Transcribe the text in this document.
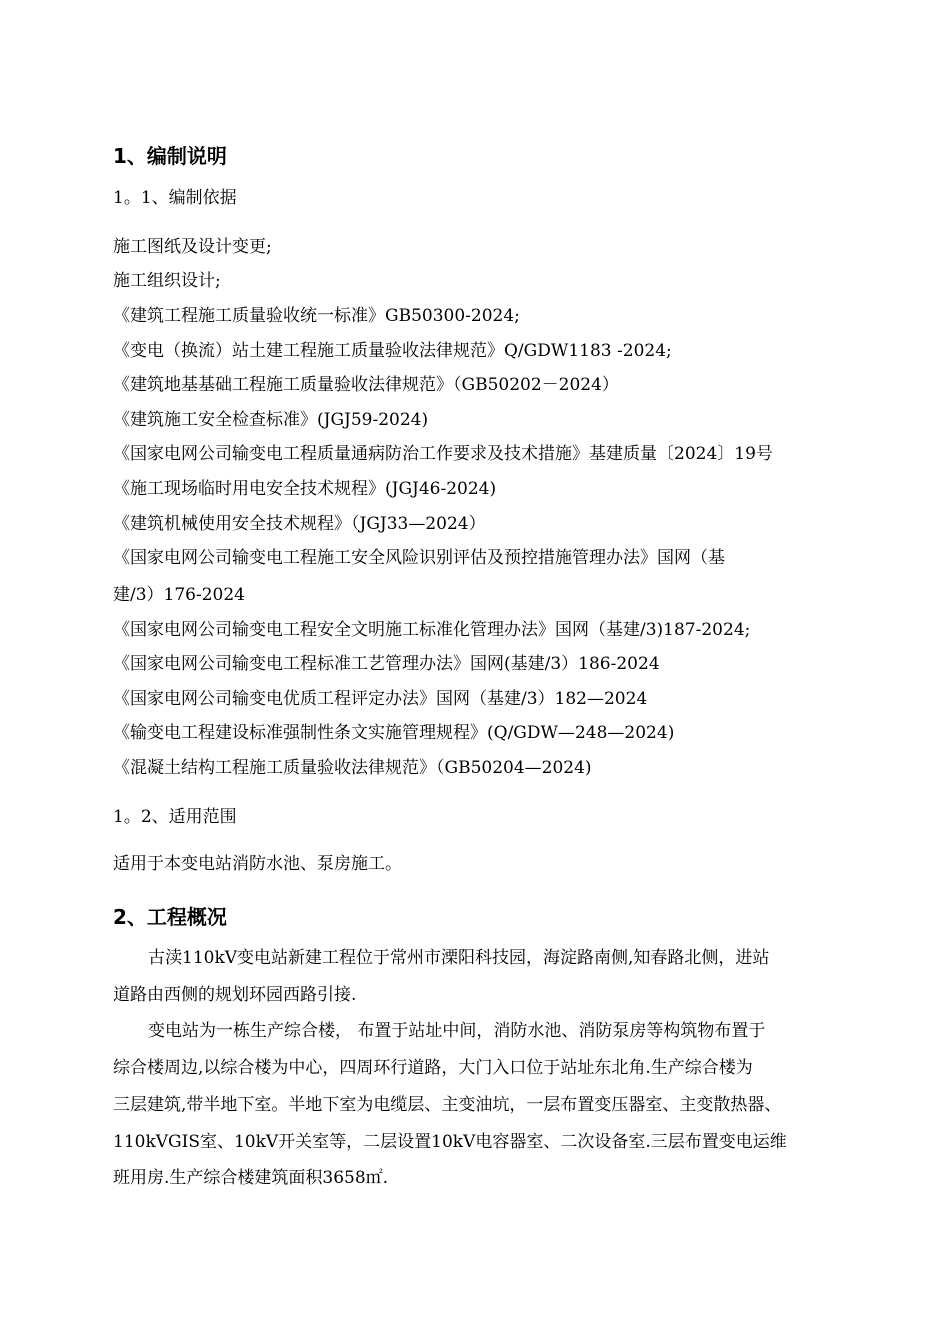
1、编制说明
1。1、编制依据
施工图纸及设计变更;
施工组织设计;
《建筑工程施工质量验收统一标准》GB50300-2024;
《变电（换流）站土建工程施工质量验收法律规范》Q/GDW1183 -2024;
《建筑地基基础工程施工质量验收法律规范》（GB50202－2024）
《建筑施工安全检查标准》(JGJ59-2024)
《国家电网公司输变电工程质量通病防治工作要求及技术措施》基建质量〔2024〕19号
《施工现场临时用电安全技术规程》(JGJ46-2024)
《建筑机械使用安全技术规程》（JGJ33—2024）
《国家电网公司输变电工程施工安全风险识别评估及预控措施管理办法》国网（基
建/3）176-2024
《国家电网公司输变电工程安全文明施工标准化管理办法》国网（基建/3)187-2024;
《国家电网公司输变电工程标准工艺管理办法》国网(基建/3）186-2024
《国家电网公司输变电优质工程评定办法》国网（基建/3）182—2024
《输变电工程建设标准强制性条文实施管理规程》(Q/GDW—248—2024)
《混凝土结构工程施工质量验收法律规范》（GB50204—2024)
1。2、适用范围
适用于本变电站消防水池、泵房施工。
2、工程概况
古渎110kV变电站新建工程位于常州市溧阳科技园，海淀路南侧,知春路北侧，进站
道路由西侧的规划环园西路引接.
变电站为一栋生产综合楼， 布置于站址中间，消防水池、消防泵房等构筑物布置于
综合楼周边,以综合楼为中心，四周环行道路，大门入口位于站址东北角.生产综合楼为
三层建筑,带半地下室。半地下室为电缆层、主变油坑，一层布置变压器室、主变散热器、
110kVGIS室、10kV开关室等，二层设置10kV电容器室、二次设备室.三层布置变电运维
班用房.生产综合楼建筑面积3658㎡.
